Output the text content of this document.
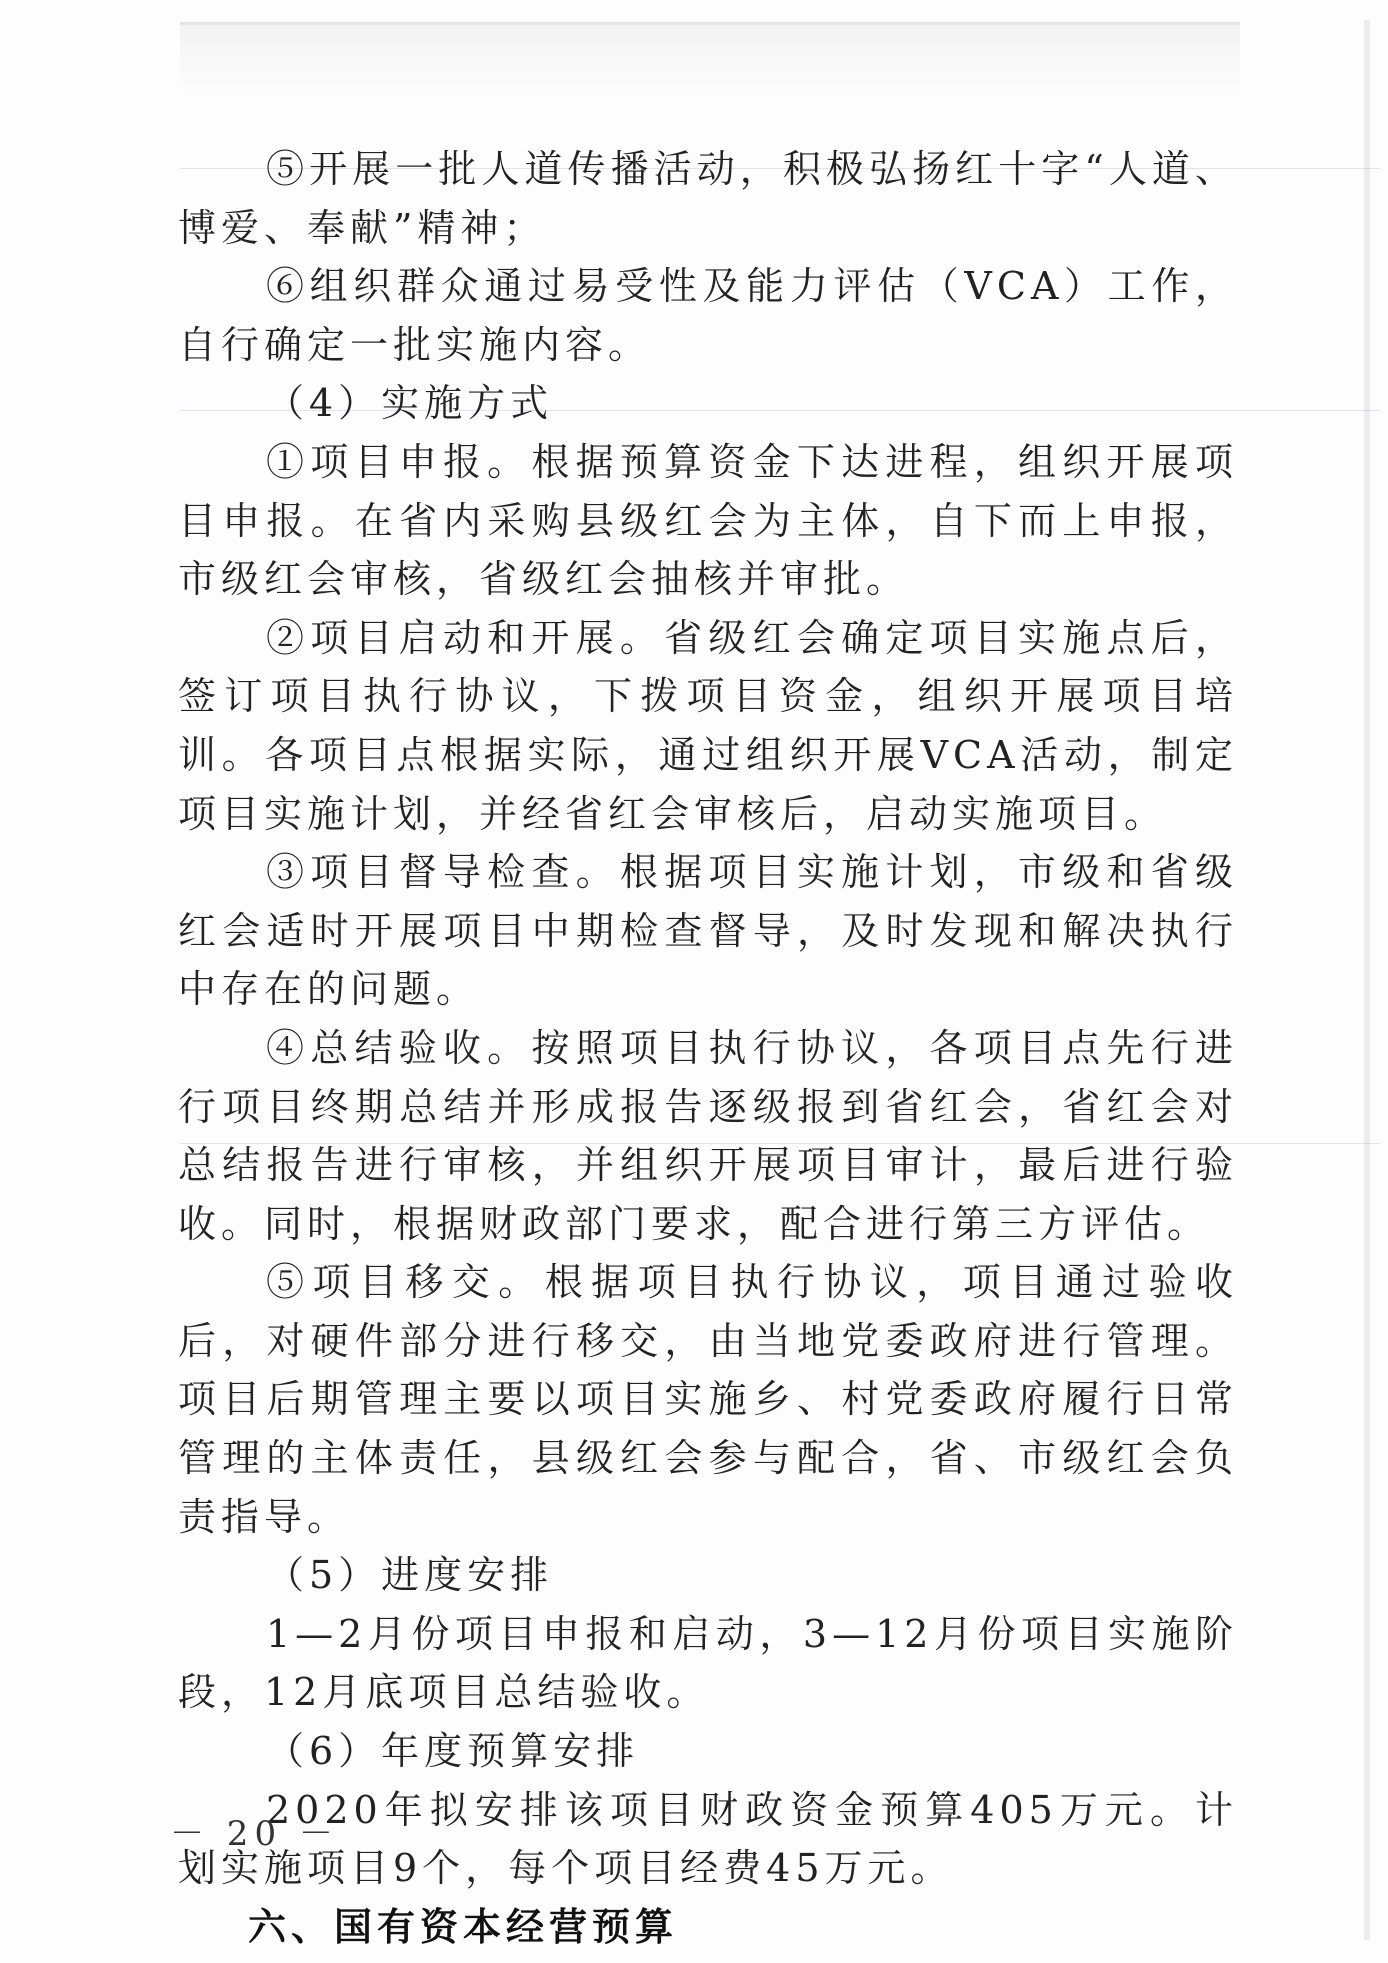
⑤开展一批人道传播活动，积极弘扬红十字“人道、博爱、奉献”精神；

⑥组织群众通过易受性及能力评估（VCA）工作，自行确定一批实施内容。

（4）实施方式

①项目申报。根据预算资金下达进程，组织开展项目申报。在省内采购县级红会为主体，自下而上申报，市级红会审核，省级红会抽核并审批。

②项目启动和开展。省级红会确定项目实施点后，签订项目执行协议，下拨项目资金，组织开展项目培训。各项目点根据实际，通过组织开展VCA活动，制定项目实施计划，并经省红会审核后，启动实施项目。

③项目督导检查。根据项目实施计划，市级和省级红会适时开展项目中期检查督导，及时发现和解决执行中存在的问题。

④总结验收。按照项目执行协议，各项目点先行进行项目终期总结并形成报告逐级报到省红会，省红会对总结报告进行审核，并组织开展项目审计，最后进行验收。同时，根据财政部门要求，配合进行第三方评估。

⑤项目移交。根据项目执行协议，项目通过验收后，对硬件部分进行移交，由当地党委政府进行管理。项目后期管理主要以项目实施乡、村党委政府履行日常管理的主体责任，县级红会参与配合，省、市级红会负责指导。

（5）进度安排

1—2月份项目申报和启动，3—12月份项目实施阶段，12月底项目总结验收。

（6）年度预算安排

2020年拟安排该项目财政资金预算405万元。计划实施项目9个，每个项目经费45万元。

六、国有资本经营预算

－ 20 －
